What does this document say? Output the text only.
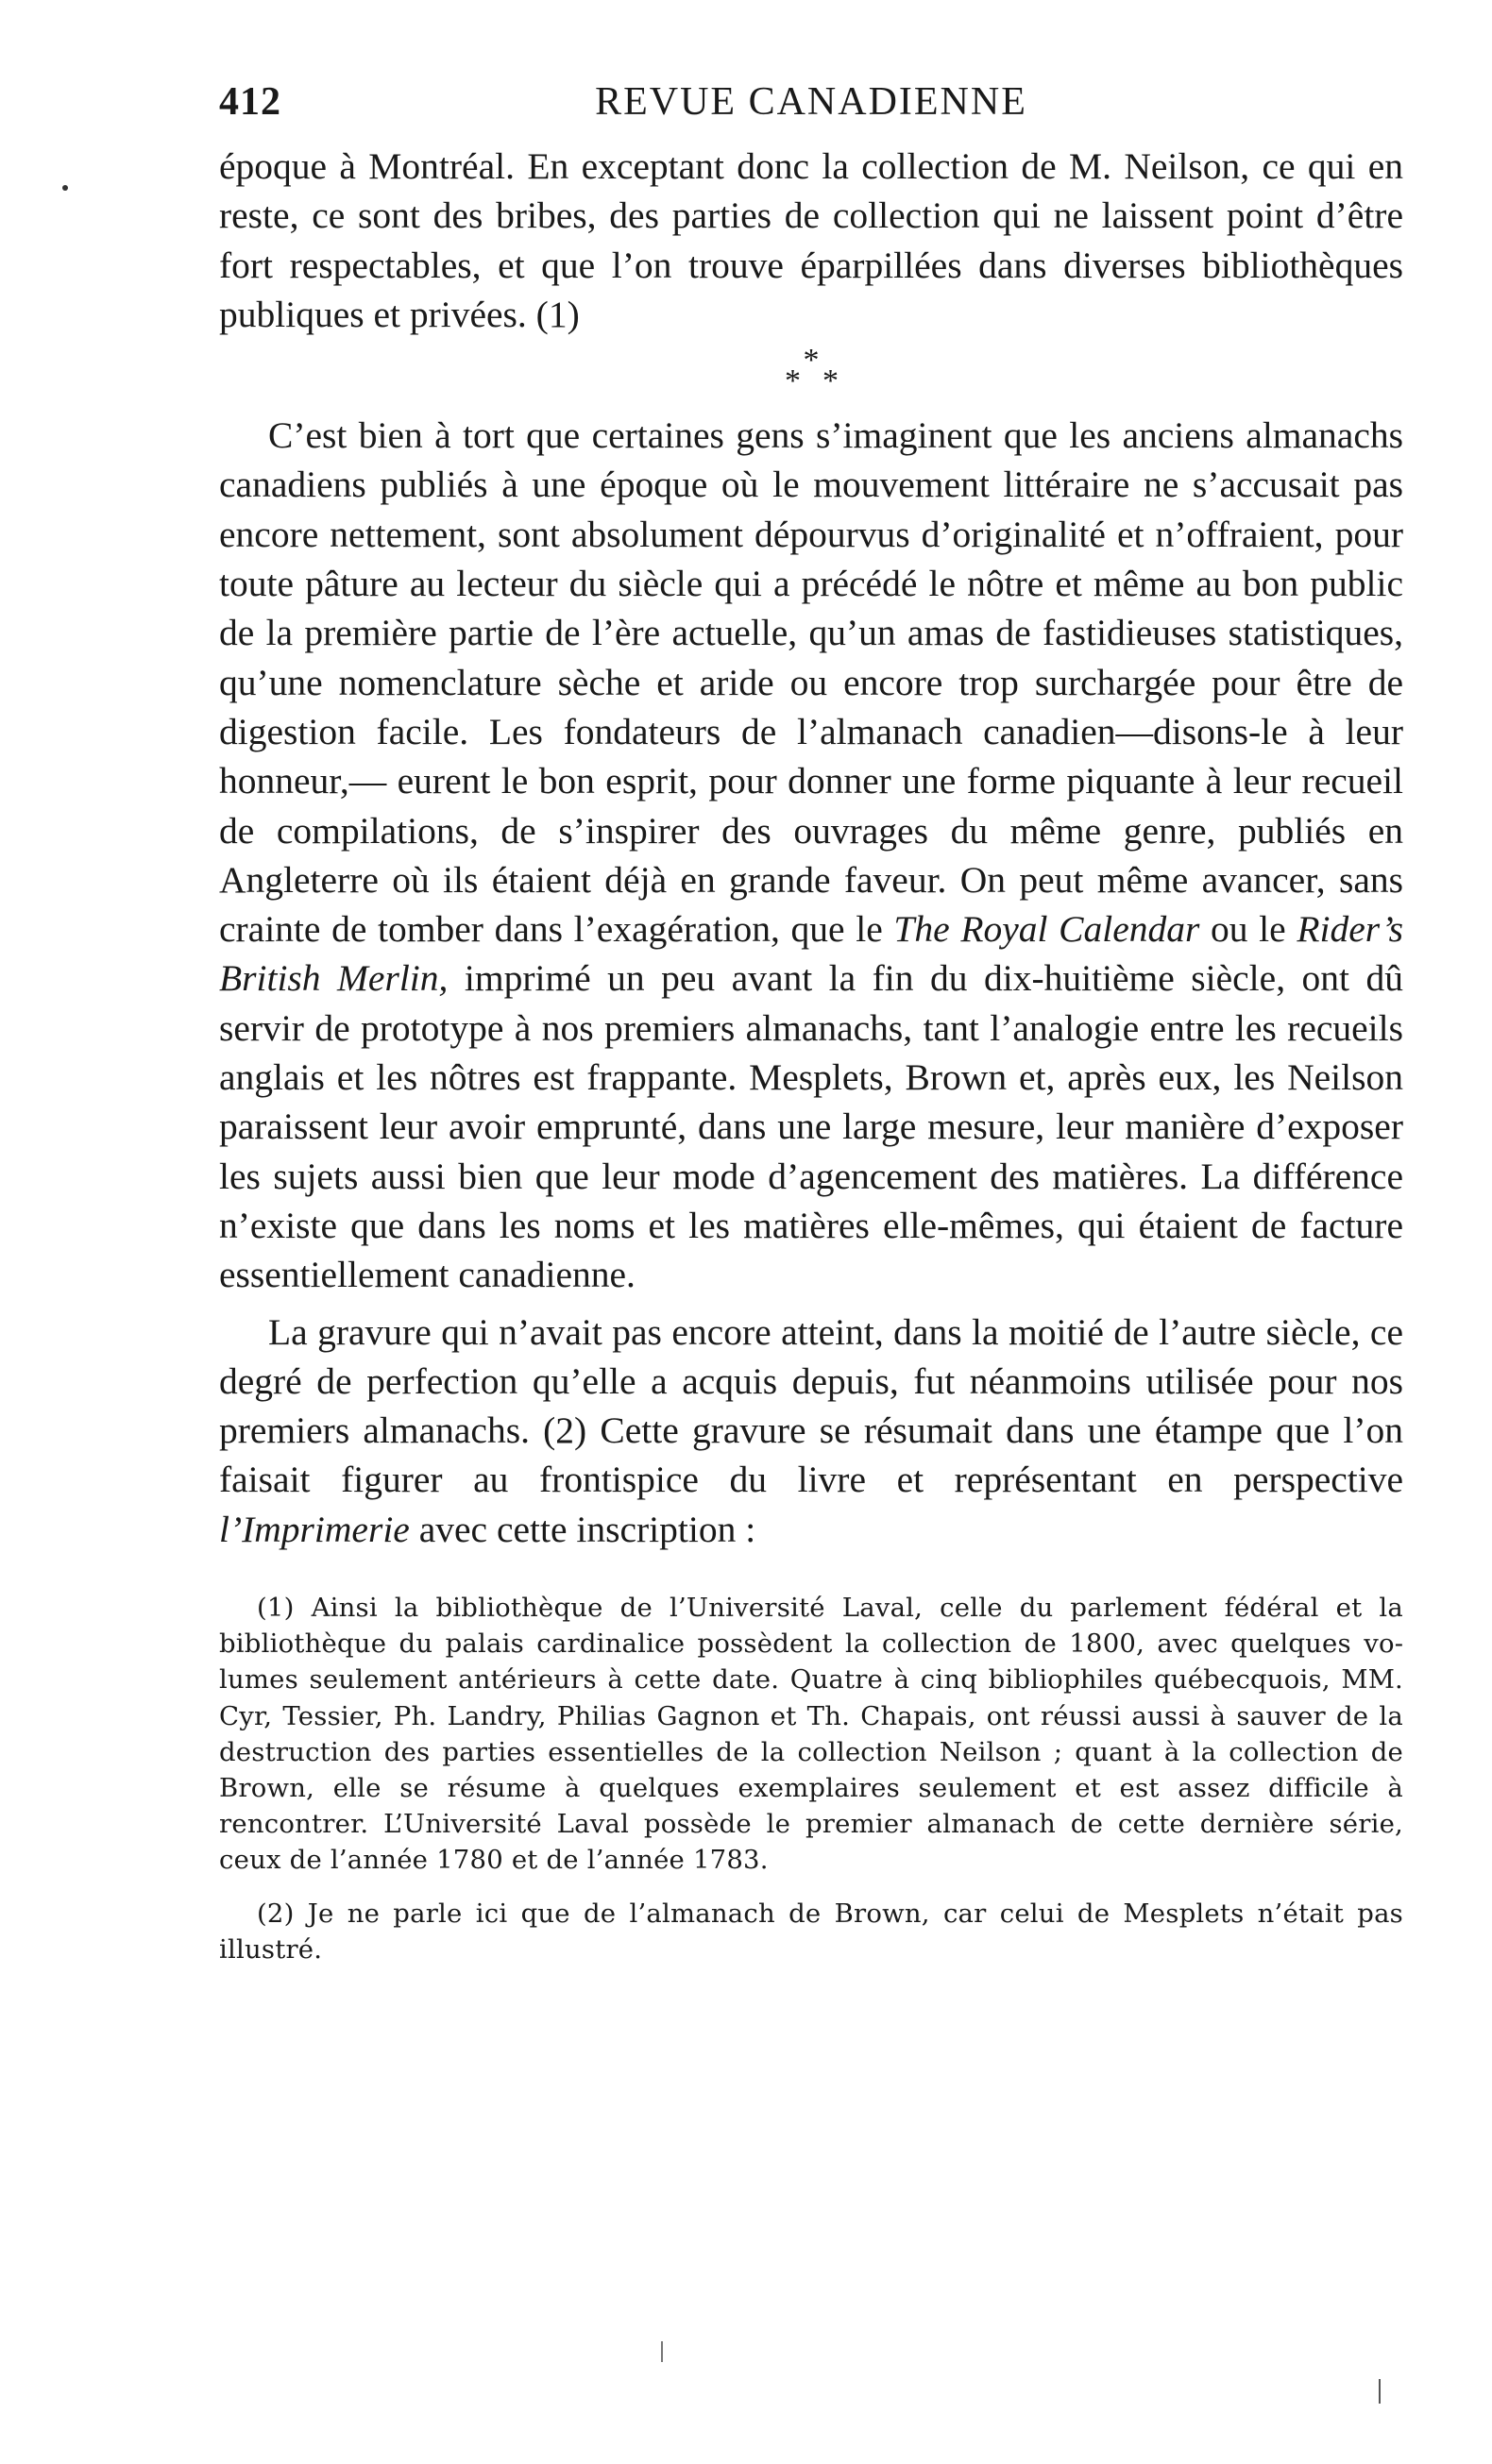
412	REVUE CANADIENNE

époque à Montréal. En exceptant donc la collection de M. Neilson, ce qui en reste, ce sont des bribes, des parties de collection qui ne laissent point d’être fort respectables, et que l’on trouve éparpillées dans diverses bibliothèques publiques et privées. (1)

*
* *

C’est bien à tort que certaines gens s’imaginent que les anciens almanachs canadiens publiés à une époque où le mouvement littéraire ne s’accusait pas encore nettement, sont absolument dépourvus d’originalité et n’offraient, pour toute pâture au lecteur du siècle qui a précédé le nôtre et même au bon public de la première partie de l’ère actuelle, qu’un amas de fastidieuses statistiques, qu’une nomenclature sèche et aride ou encore trop surchargée pour être de digestion facile. Les fondateurs de l’almanach canadien—disons-le à leur honneur,— eurent le bon esprit, pour donner une forme piquante à leur recueil de compilations, de s’inspirer des ouvrages du même genre, publiés en Angleterre où ils étaient déjà en grande faveur. On peut même avancer, sans crainte de tomber dans l’exagération, que le The Royal Calendar ou le Rider’s British Merlin, imprimé un peu avant la fin du dix-huitième siècle, ont dû servir de prototype à nos premiers almanachs, tant l’analogie entre les recueils anglais et les nôtres est frappante. Mesplets, Brown et, après eux, les Neilson paraissent leur avoir emprunté, dans une large mesure, leur manière d’exposer les sujets aussi bien que leur mode d’agencement des matières. La différence n’existe que dans les noms et les matières elle-mêmes, qui étaient de facture essentiellement canadienne.

La gravure qui n’avait pas encore atteint, dans la moitié de l’autre siècle, ce degré de perfection qu’elle a acquis depuis, fut néanmoins utilisée pour nos premiers almanachs. (2) Cette gravure se résumait dans une étampe que l’on faisait figurer au frontispice du livre et représentant en perspective l’Imprimerie avec cette inscription :

(1) Ainsi la bibliothèque de l’Université Laval, celle du parlement fédéral et la bibliothèque du palais cardinalice possèdent la collection de 1800, avec quelques volumes seulement antérieurs à cette date. Quatre à cinq bibliophiles québecquois, MM. Cyr, Tessier, Ph. Landry, Philias Gagnon et Th. Chapais, ont réussi aussi à sauver de la destruction des parties essentielles de la collection Neilson ; quant à la collection de Brown, elle se résume à quelques exemplaires seulement et est assez difficile à rencontrer. L’Université Laval possède le premier almanach de cette dernière série, ceux de l’année 1780 et de l’année 1783.

(2) Je ne parle ici que de l’almanach de Brown, car celui de Mesplets n’était pas illustré.
